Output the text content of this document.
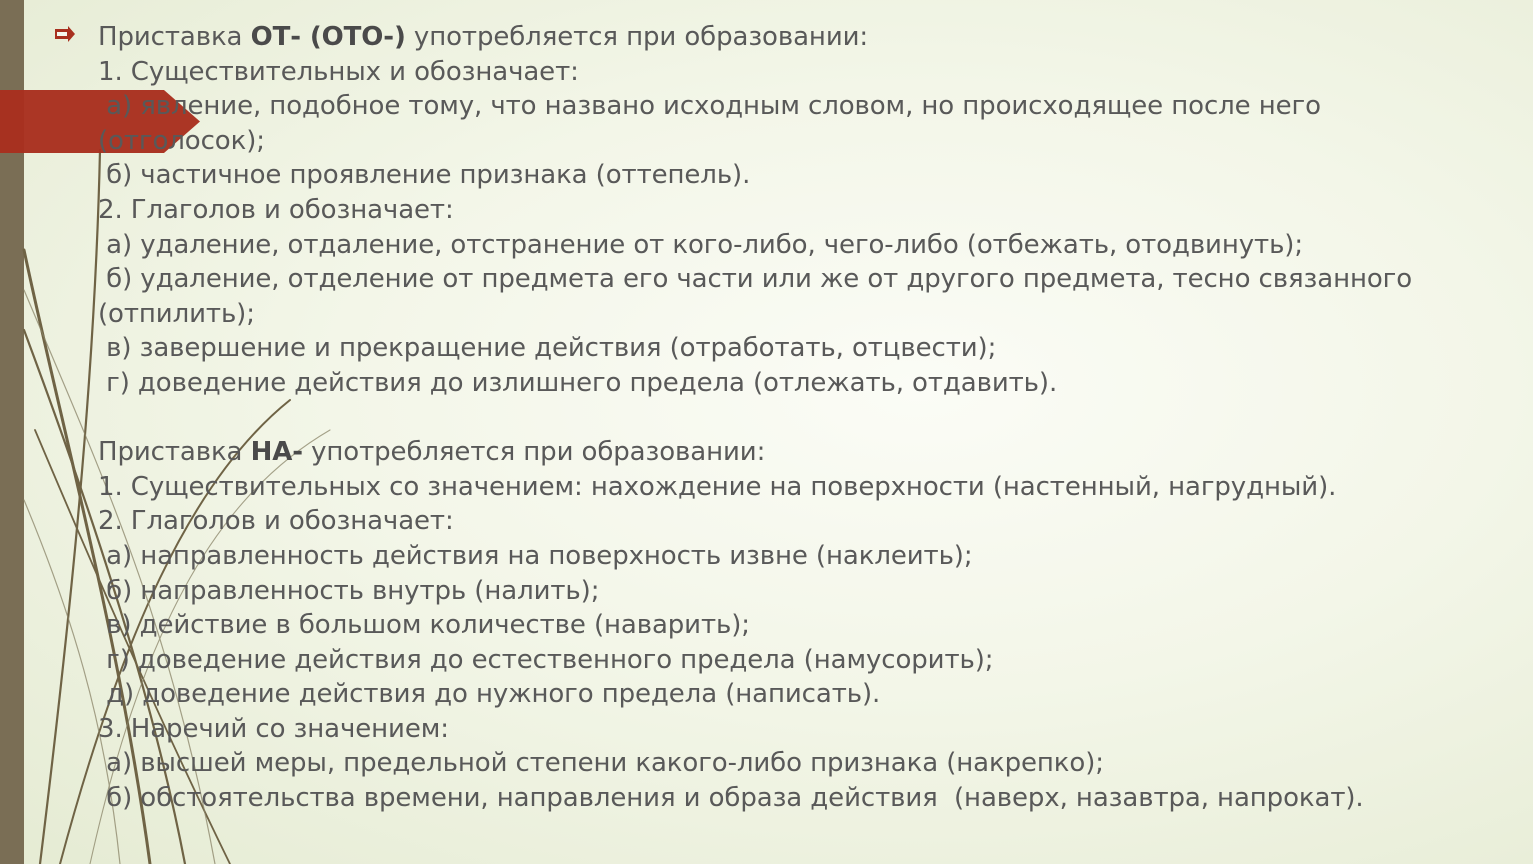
Приставка ОТ- (ОТО-) употребляется при образовании:
1. Существительных и обозначает:
а) явление, подобное тому, что названо исходным словом, но происходящее после него
(отголосок);
б) частичное проявление признака (оттепель).
2. Глаголов и обозначает:
а) удаление, отдаление, отстранение от кого-либо, чего-либо (отбежать, отодвинуть);
б) удаление, отделение от предмета его части или же от другого предмета, тесно связанного
(отпилить);
в) завершение и прекращение действия (отработать, отцвести);
г) доведение действия до излишнего предела (отлежать, отдавить).
Приставка НА- употребляется при образовании:
1. Существительных со значением: нахождение на поверхности (настенный, нагрудный).
2. Глаголов и обозначает:
а) направленность действия на поверхность извне (наклеить);
б) направленность внутрь (налить);
в) действие в большом количестве (наварить);
г) доведение действия до естественного предела (намусорить);
д) доведение действия до нужного предела (написать).
3. Наречий со значением:
а) высшей меры, предельной степени какого-либо признака (накрепко);
б) обстоятельства времени, направления и образа действия  (наверх, назавтра, напрокат).
